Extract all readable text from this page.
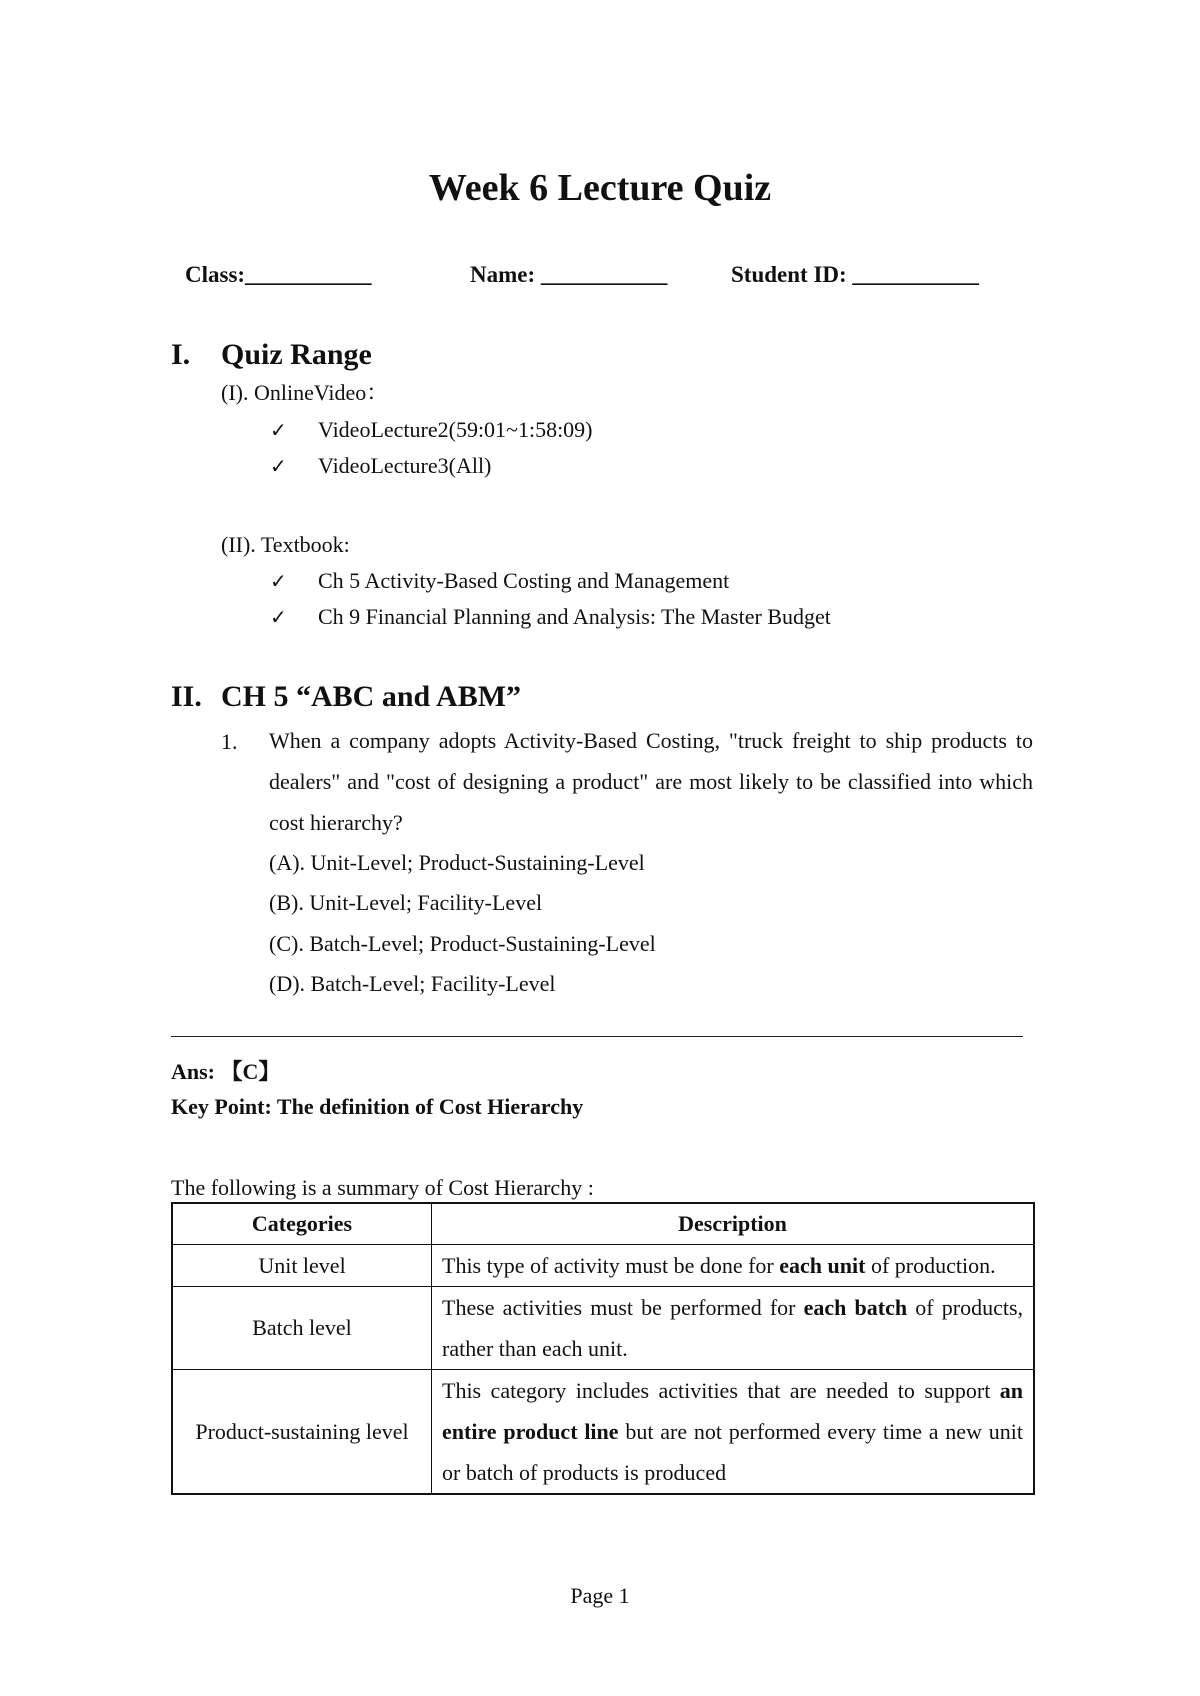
Week 6 Lecture Quiz
Class:___________	Name: ___________	Student ID: ___________
I. Quiz Range
(I). OnlineVideo：
✓ VideoLecture2(59:01~1:58:09)
✓ VideoLecture3(All)
(II). Textbook:
✓ Ch 5 Activity-Based Costing and Management
✓ Ch 9 Financial Planning and Analysis: The Master Budget
II. CH 5 “ABC and ABM”
1. When a company adopts Activity-Based Costing, "truck freight to ship products to dealers" and "cost of designing a product" are most likely to be classified into which cost hierarchy?
(A). Unit-Level; Product-Sustaining-Level
(B). Unit-Level; Facility-Level
(C). Batch-Level; Product-Sustaining-Level
(D). Batch-Level; Facility-Level
Ans: 【C】
Key Point: The definition of Cost Hierarchy
The following is a summary of Cost Hierarchy :
Categories	Description
Unit level	This type of activity must be done for each unit of production.
Batch level	These activities must be performed for each batch of products, rather than each unit.
Product-sustaining level	This category includes activities that are needed to support an entire product line but are not performed every time a new unit or batch of products is produced
Page 1
